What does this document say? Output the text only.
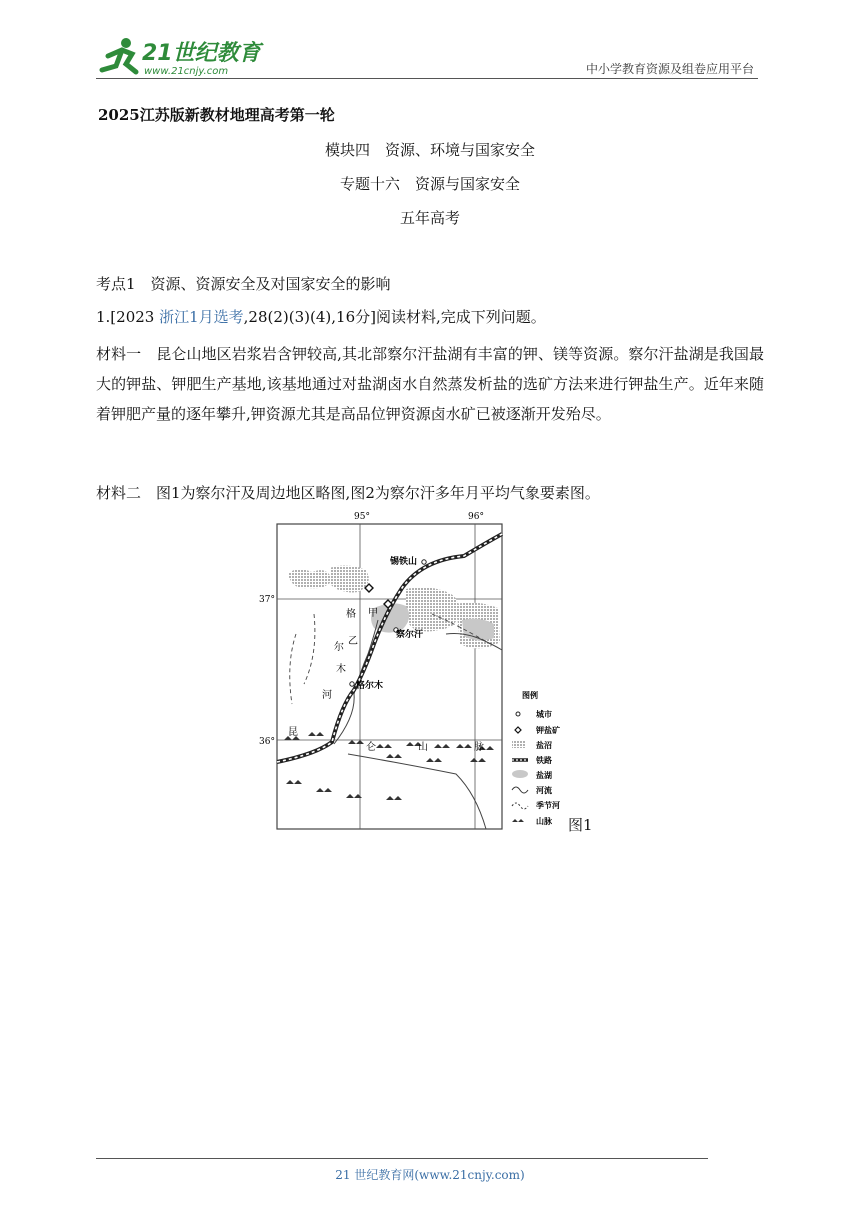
21世纪教育
www.21cnjy.com	中小学教育资源及组卷应用平台
2025江苏版新教材地理高考第一轮
模块四　资源、环境与国家安全
专题十六　资源与国家安全
五年高考
考点1　资源、资源安全及对国家安全的影响
1.[2023 浙江1月选考,28(2)(3)(4),16分]阅读材料,完成下列问题。
材料一　昆仑山地区岩浆岩含钾较高,其北部察尔汗盐湖有丰富的钾、镁等资源。察尔汗盐湖是我国最大的钾盐、钾肥生产基地,该基地通过对盐湖卤水自然蒸发析盐的选矿方法来进行钾盐生产。近年来随着钾肥产量的逐年攀升,钾资源尤其是高品位钾资源卤水矿已被逐渐开发殆尽。
材料二　图1为察尔汗及周边地区略图,图2为察尔汗多年月平均气象要素图。
95°	96°
37°
36°
锡铁山
察尔汗
格尔木
甲
乙
格
尔
木
河
昆
仑	山	脉
图例
城市
钾盐矿
盐沼
铁路
盐湖
河流
季节河
山脉 图1
21 世纪教育网(www.21cnjy.com)
